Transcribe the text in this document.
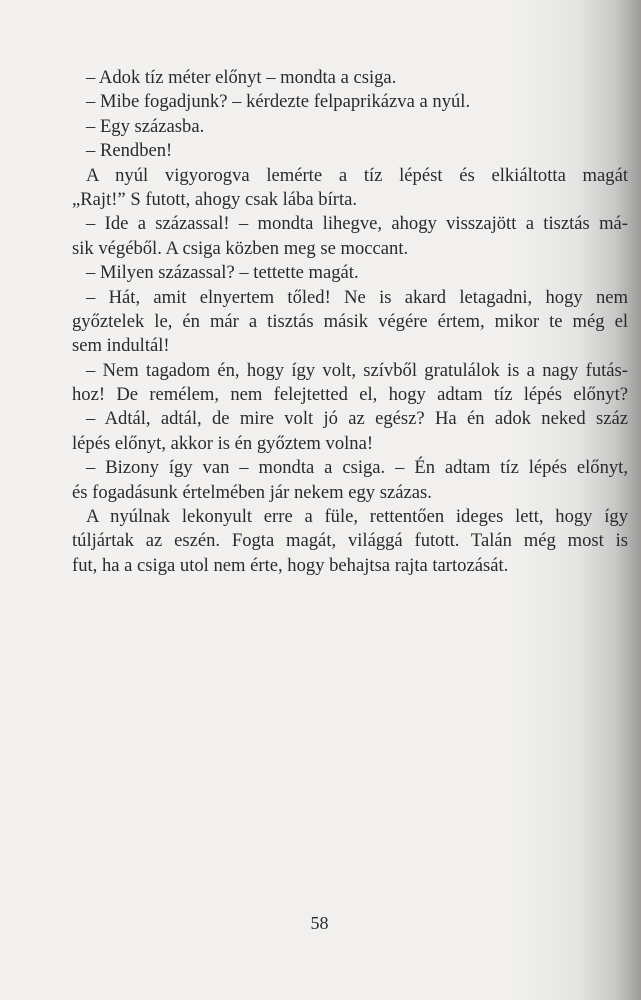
– Adok tíz méter előnyt – mondta a csiga.
– Mibe fogadjunk? – kérdezte felpaprikázva a nyúl.
– Egy százasba.
– Rendben!
A nyúl vigyorogva lemérte a tíz lépést és elkiáltotta magát
„Rajt!” S futott, ahogy csak lába bírta.
– Ide a százassal! – mondta lihegve, ahogy visszajött a tisztás má-
sik végéből. A csiga közben meg se moccant.
– Milyen százassal? – tettette magát.
– Hát, amit elnyertem tőled! Ne is akard letagadni, hogy nem
győztelek le, én már a tisztás másik végére értem, mikor te még el
sem indultál!
– Nem tagadom én, hogy így volt, szívből gratulálok is a nagy futás-
hoz! De remélem, nem felejtetted el, hogy adtam tíz lépés előnyt?
– Adtál, adtál, de mire volt jó az egész? Ha én adok neked száz
lépés előnyt, akkor is én győztem volna!
– Bizony így van – mondta a csiga. – Én adtam tíz lépés előnyt,
és fogadásunk értelmében jár nekem egy százas.
A nyúlnak lekonyult erre a füle, rettentően ideges lett, hogy így
túljártak az eszén. Fogta magát, világgá futott. Talán még most is
fut, ha a csiga utol nem érte, hogy behajtsa rajta tartozását.
58
